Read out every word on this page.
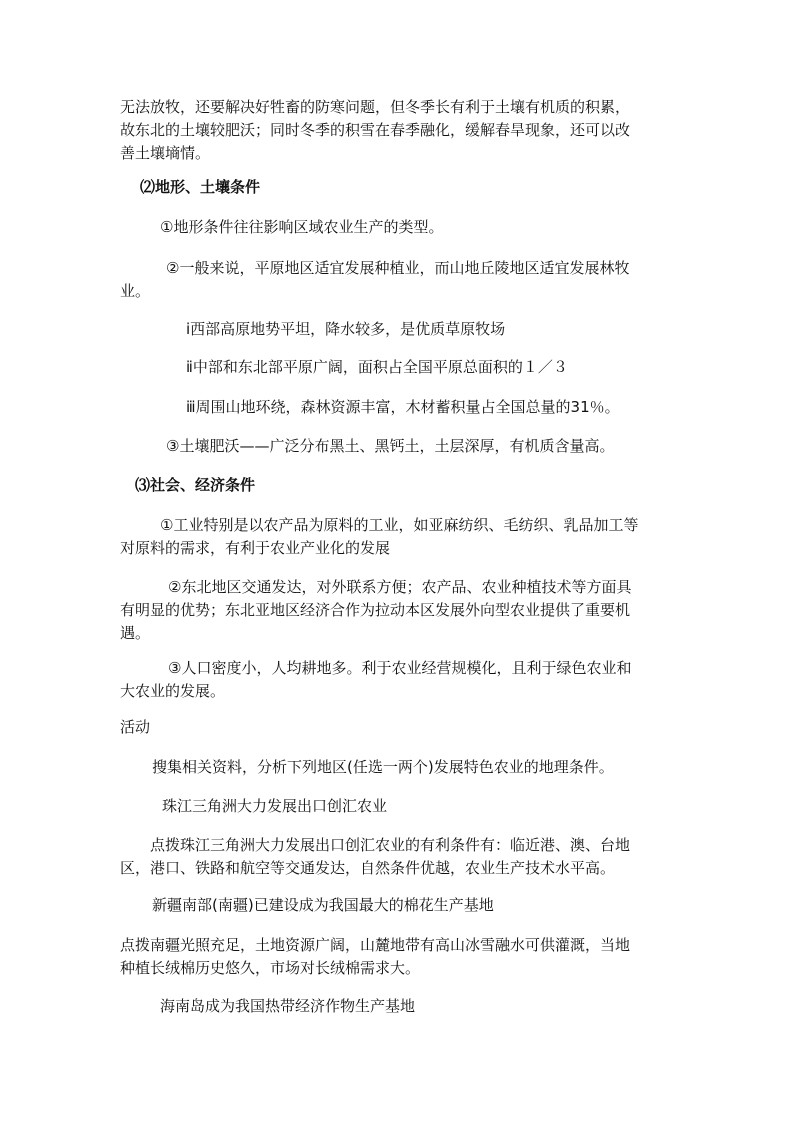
无法放牧，还要解决好牲畜的防寒问题，但冬季长有利于土壤有机质的积累，
故东北的土壤较肥沃；同时冬季的积雪在春季融化，缓解春旱现象，还可以改
善土壤墒情。

⑵地形、土壤条件

①地形条件往往影响区域农业生产的类型。

②一般来说，平原地区适宜发展种植业，而山地丘陵地区适宜发展林牧
业。

ⅰ西部高原地势平坦，降水较多，是优质草原牧场

ⅱ中部和东北部平原广阔，面积占全国平原总面积的１／３

ⅲ周围山地环绕，森林资源丰富，木材蓄积量占全国总量的31％。

③土壤肥沃——广泛分布黑土、黑钙土，土层深厚，有机质含量高。

⑶社会、经济条件

①工业特别是以农产品为原料的工业，如亚麻纺织、毛纺织、乳品加工等
对原料的需求，有利于农业产业化的发展

②东北地区交通发达，对外联系方便；农产品、农业种植技术等方面具
有明显的优势；东北亚地区经济合作为拉动本区发展外向型农业提供了重要机
遇。

③人口密度小，人均耕地多。利于农业经营规模化，且利于绿色农业和
大农业的发展。

活动

搜集相关资料，分析下列地区(任选一两个)发展特色农业的地理条件。

珠江三角洲大力发展出口创汇农业

点拨珠江三角洲大力发展出口创汇农业的有利条件有：临近港、澳、台地
区，港口、铁路和航空等交通发达，自然条件优越，农业生产技术水平高。

新疆南部(南疆)已建设成为我国最大的棉花生产基地

点拨南疆光照充足，土地资源广阔，山麓地带有高山冰雪融水可供灌溉，当地
种植长绒棉历史悠久，市场对长绒棉需求大。

海南岛成为我国热带经济作物生产基地
